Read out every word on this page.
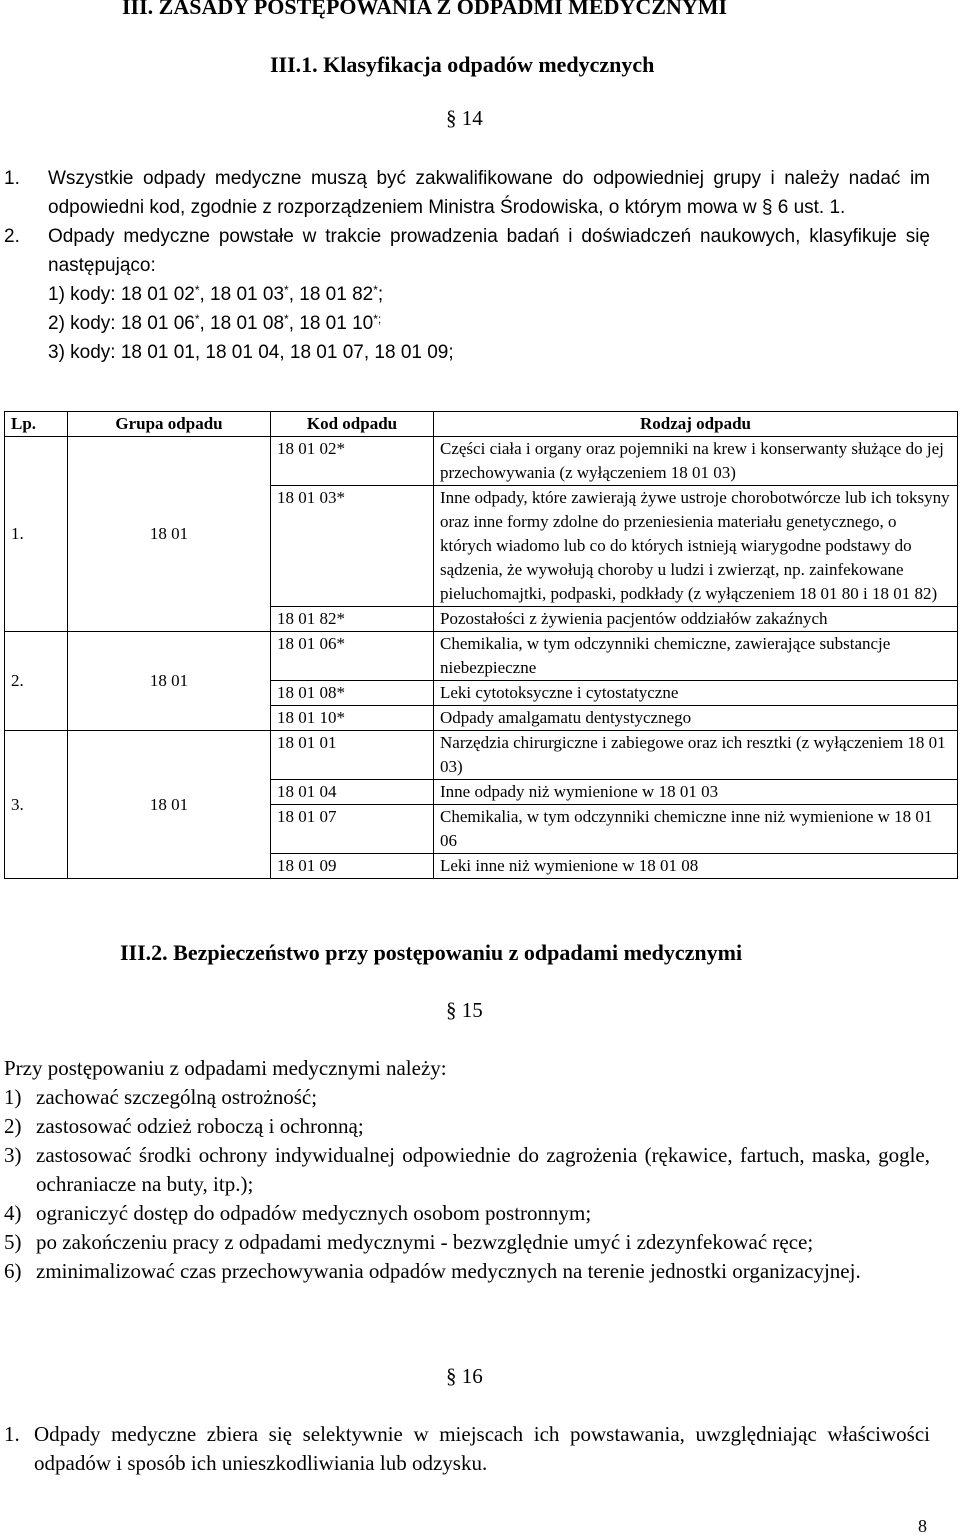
III. ZASADY POSTĘPOWANIA Z ODPADMI MEDYCZNYMI
III.1. Klasyfikacja odpadów medycznych
§ 14
1.	Wszystkie odpady medyczne muszą być zakwalifikowane do odpowiedniej grupy i należy nadać im odpowiedni kod, zgodnie z rozporządzeniem Ministra Środowiska, o którym mowa w § 6 ust. 1.
2.	Odpady medyczne powstałe w trakcie prowadzenia badań i doświadczeń naukowych, klasyfikuje się następująco:
1) kody: 18 01 02*, 18 01 03*, 18 01 82*;
2) kody: 18 01 06*, 18 01 08*, 18 01 10*;
3) kody: 18 01 01, 18 01 04, 18 01 07, 18 01 09;
Lp.	Grupa odpadu	Kod odpadu	Rodzaj odpadu
1.	18 01	18 01 02*	Części ciała i organy oraz pojemniki na krew i konserwanty służące do jej przechowywania (z wyłączeniem 18 01 03)
		18 01 03*	Inne odpady, które zawierają żywe ustroje chorobotwórcze lub ich toksyny oraz inne formy zdolne do przeniesienia materiału genetycznego, o których wiadomo lub co do których istnieją wiarygodne podstawy do sądzenia, że wywołują choroby u ludzi i zwierząt, np. zainfekowane pieluchomajtki, podpaski, podkłady (z wyłączeniem 18 01 80 i 18 01 82)
		18 01 82*	Pozostałości z żywienia pacjentów oddziałów zakaźnych
2.	18 01	18 01 06*	Chemikalia, w tym odczynniki chemiczne, zawierające substancje niebezpieczne
		18 01 08*	Leki cytotoksyczne i cytostatyczne
		18 01 10*	Odpady amalgamatu dentystycznego
3.	18 01	18 01 01	Narzędzia chirurgiczne i zabiegowe oraz ich resztki (z wyłączeniem 18 01 03)
		18 01 04	Inne odpady niż wymienione w 18 01 03
		18 01 07	Chemikalia, w tym odczynniki chemiczne inne niż wymienione w 18 01 06
		18 01 09	Leki inne niż wymienione w 18 01 08
III.2. Bezpieczeństwo przy postępowaniu z odpadami medycznymi
§ 15
Przy postępowaniu z odpadami medycznymi należy:
1) zachować szczególną ostrożność;
2) zastosować odzież roboczą i ochronną;
3) zastosować środki ochrony indywidualnej odpowiednie do zagrożenia (rękawice, fartuch, maska, gogle, ochraniacze na buty, itp.);
4) ograniczyć dostęp do odpadów medycznych osobom postronnym;
5) po zakończeniu pracy z odpadami medycznymi - bezwzględnie umyć i zdezynfekować ręce;
6) zminimalizować czas przechowywania odpadów medycznych na terenie jednostki organizacyjnej.
§ 16
1. Odpady medyczne zbiera się selektywnie w miejscach ich powstawania, uwzględniając właściwości odpadów i sposób ich unieszkodliwiania lub odzysku.
8
